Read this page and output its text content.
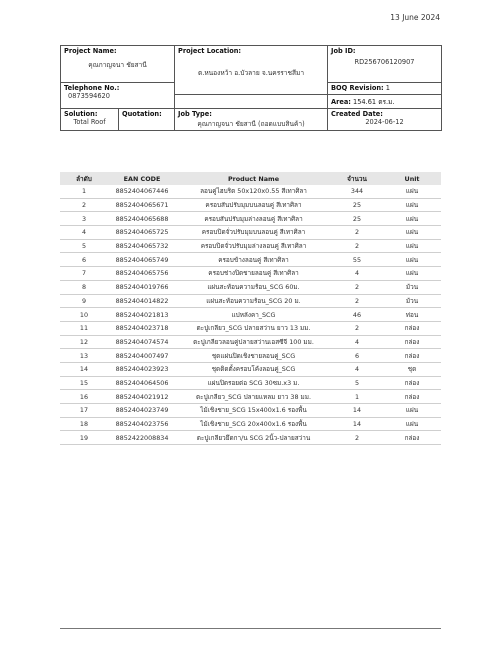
13 June 2024
Project Name:
คุณกาญจนา ชัยสานี		Project Location:
ต.หนองหว้า อ.บัวลาย จ.นครราชสีมา	Job ID:
RD256706120907

Telephone No.:
0873594620			BOQ Revision: 1
			Area: 154.61 ตร.ม.

Solution:
Total Roof	Quotation:	Job Type:
คุณกาญจนา ชัยสานี (ถอดแบบสินค้า)	Created Date:
2024-06-12
ลำดับ	EAN CODE	Product Name	จำนวน	Unit
1	8852404067446	ลอนคู่ไฮบริด 50x120x0.55 สีเทาศิลา	344	แผ่น
2	8852404065671	ครอบสันปรับมุมบนลอนคู่ สีเทาศิลา	25	แผ่น
3	8852404065688	ครอบสันปรับมุมล่างลอนคู่ สีเทาศิลา	25	แผ่น
4	8852404065725	ครอบปิดจั่วปรับมุมบนลอนคู่ สีเทาศิลา	2	แผ่น
5	8852404065732	ครอบปิดจั่วปรับมุมล่างลอนคู่ สีเทาศิลา	2	แผ่น
6	8852404065749	ครอบข้างลอนคู่ สีเทาศิลา	55	แผ่น
7	8852404065756	ครอบช่างปิดชายลอนคู่ สีเทาศิลา	4	แผ่น
8	8852404019766	แผ่นสะท้อนความร้อน_SCG 60ม.	2	ม้วน
9	8852404014822	แผ่นสะท้อนความร้อน_SCG 20 ม.	2	ม้วน
10	8852404021813	แปหลังคา_SCG	46	ท่อน
11	8852404023718	ตะปูเกลียว_SCG ปลายสว่าน ยาว 13 มม.	2	กล่อง
12	8852404074574	ตะปูเกลียวลอนคู่ปลายสว่านเอสซีจี 100 มม.	4	กล่อง
13	8852404007497	ชุดแผ่นปิดเชิงชายลอนคู่_SCG	6	กล่อง
14	8852404023923	ชุดติดตั้งครอบโค้งลอนคู่_SCG	4	ชุด
15	8852404064506	แผ่นปิดรอยต่อ SCG 30ซม.x3 ม.	5	กล่อง
16	8852404021912	ตะปูเกลียว_SCG ปลายแหลม ยาว 38 มม.	1	กล่อง
17	8852404023749	ไม้เชิงชาย_SCG 15x400x1.6 รองพื้น	14	แผ่น
18	8852404023756	ไม้เชิงชาย_SCG 20x400x1.6 รองพื้น	14	แผ่น
19	8852422008834	ตะปูเกลียวยึดกา/น SCG 2นิ้ว-ปลายสว่าน	2	กล่อง
